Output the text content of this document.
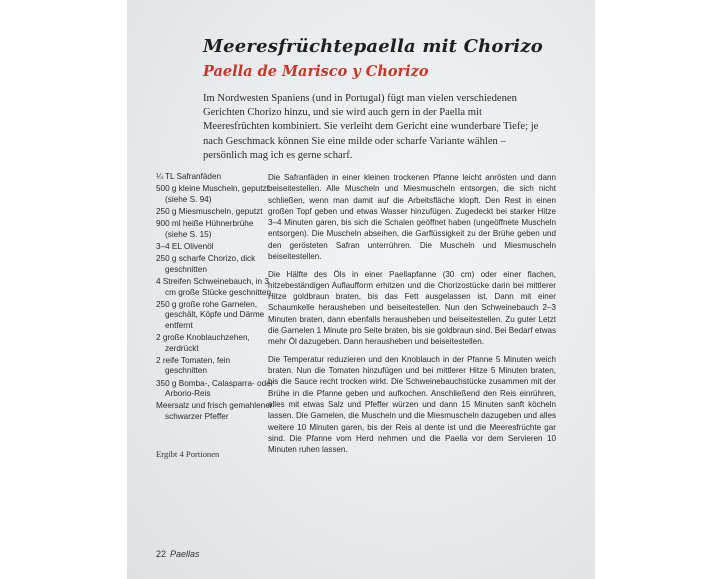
Meeresfrüchtepaella mit Chorizo
Paella de Marisco y Chorizo

Im Nordwesten Spaniens (und in Portugal) fügt man vielen verschiedenen Gerichten Chorizo hinzu, und sie wird auch gern in der Paella mit Meeresfrüchten kombiniert. Sie verleiht dem Gericht eine wunderbare Tiefe; je nach Geschmack können Sie eine milde oder scharfe Variante wählen – persönlich mag ich es gerne scharf.

¼ TL Safranfäden
500 g kleine Muscheln, geputzt (siehe S. 94)
250 g Miesmuscheln, geputzt
900 ml heiße Hühnerbrühe (siehe S. 15)
3–4 EL Olivenöl
250 g scharfe Chorizo, dick geschnitten
4 Streifen Schweinebauch, in 3 cm große Stücke geschnitten
250 g große rohe Garnelen, geschält, Köpfe und Därme entfernt
2 große Knoblauchzehen, zerdrückt
2 reife Tomaten, fein geschnitten
350 g Bomba-, Calasparra- oder Arborio-Reis
Meersalz und frisch gemahlener schwarzer Pfeffer

Ergibt 4 Portionen

Die Safranfäden in einer kleinen trockenen Pfanne leicht anrösten und dann beiseitestellen. Alle Muscheln und Miesmuscheln entsorgen, die sich nicht schließen, wenn man damit auf die Arbeitsfläche klopft. Den Rest in einen großen Topf geben und etwas Wasser hinzufügen. Zugedeckt bei starker Hitze 3–4 Minuten garen, bis sich die Schalen geöffnet haben (ungeöffnete Muscheln entsorgen). Die Muscheln abseihen, die Garflüssigkeit zu der Brühe geben und den gerösteten Safran unterrühren. Die Muscheln und Miesmuscheln beiseitestellen.

Die Hälfte des Öls in einer Paellapfanne (30 cm) oder einer flachen, hitzebeständigen Auflaufform erhitzen und die Chorizostücke darin bei mittlerer Hitze goldbraun braten, bis das Fett ausgelassen ist. Dann mit einer Schaumkelle herausheben und beiseitestellen. Nun den Schweinebauch 2–3 Minuten braten, dann ebenfalls herausheben und beiseitestellen. Zu guter Letzt die Garnelen 1 Minute pro Seite braten, bis sie goldbraun sind. Bei Bedarf etwas mehr Öl dazugeben. Dann herausheben und beiseitestellen.

Die Temperatur reduzieren und den Knoblauch in der Pfanne 5 Minuten weich braten. Nun die Tomaten hinzufügen und bei mittlerer Hitze 5 Minuten braten, bis die Sauce recht trocken wirkt. Die Schweinebauchstücke zusammen mit der Brühe in die Pfanne geben und aufkochen. Anschließend den Reis einrühren, alles mit etwas Salz und Pfeffer würzen und dann 15 Minuten sanft köcheln lassen. Die Garnelen, die Muscheln und die Miesmuscheln dazugeben und alles weitere 10 Minuten garen, bis der Reis al dente ist und die Meeresfrüchte gar sind. Die Pfanne vom Herd nehmen und die Paella vor dem Servieren 10 Minuten ruhen lassen.

22 Paellas
